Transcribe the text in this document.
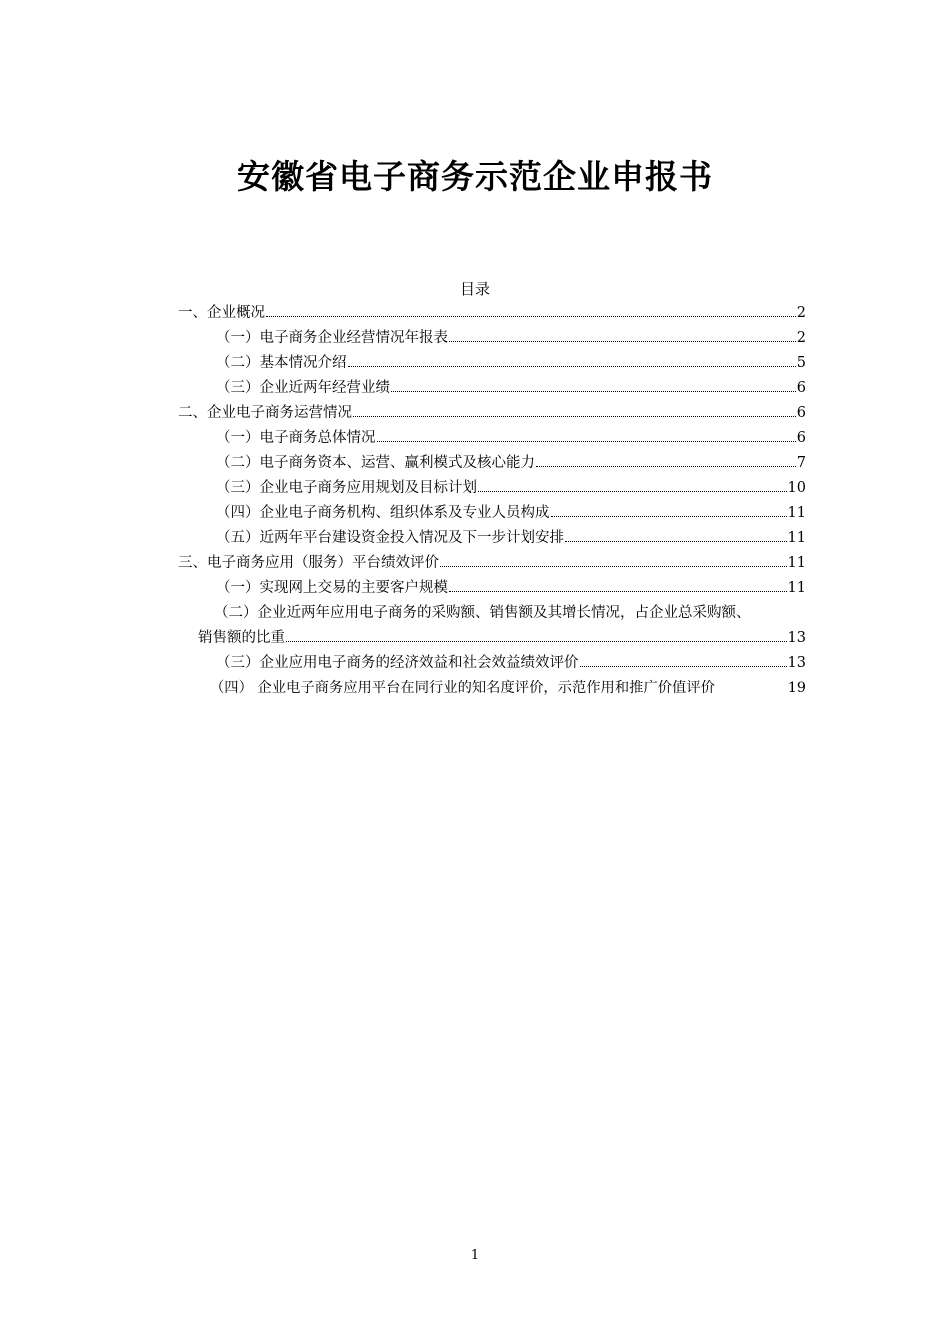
安徽省电子商务示范企业申报书
目录
一、企业概况	2
（一）电子商务企业经营情况年报表	2
（二）基本情况介绍	5
（三）企业近两年经营业绩	6
二、企业电子商务运营情况	6
（一）电子商务总体情况	6
（二）电子商务资本、运营、赢利模式及核心能力	7
（三）企业电子商务应用规划及目标计划	10
（四）企业电子商务机构、组织体系及专业人员构成	11
（五）近两年平台建设资金投入情况及下一步计划安排	11
三、电子商务应用（服务）平台绩效评价	11
（一）实现网上交易的主要客户规模	11
（二）企业近两年应用电子商务的采购额、销售额及其增长情况，占企业总采购额、
销售额的比重	13
（三）企业应用电子商务的经济效益和社会效益绩效评价	13
（四） 企业电子商务应用平台在同行业的知名度评价，示范作用和推广价值评价	19
1
